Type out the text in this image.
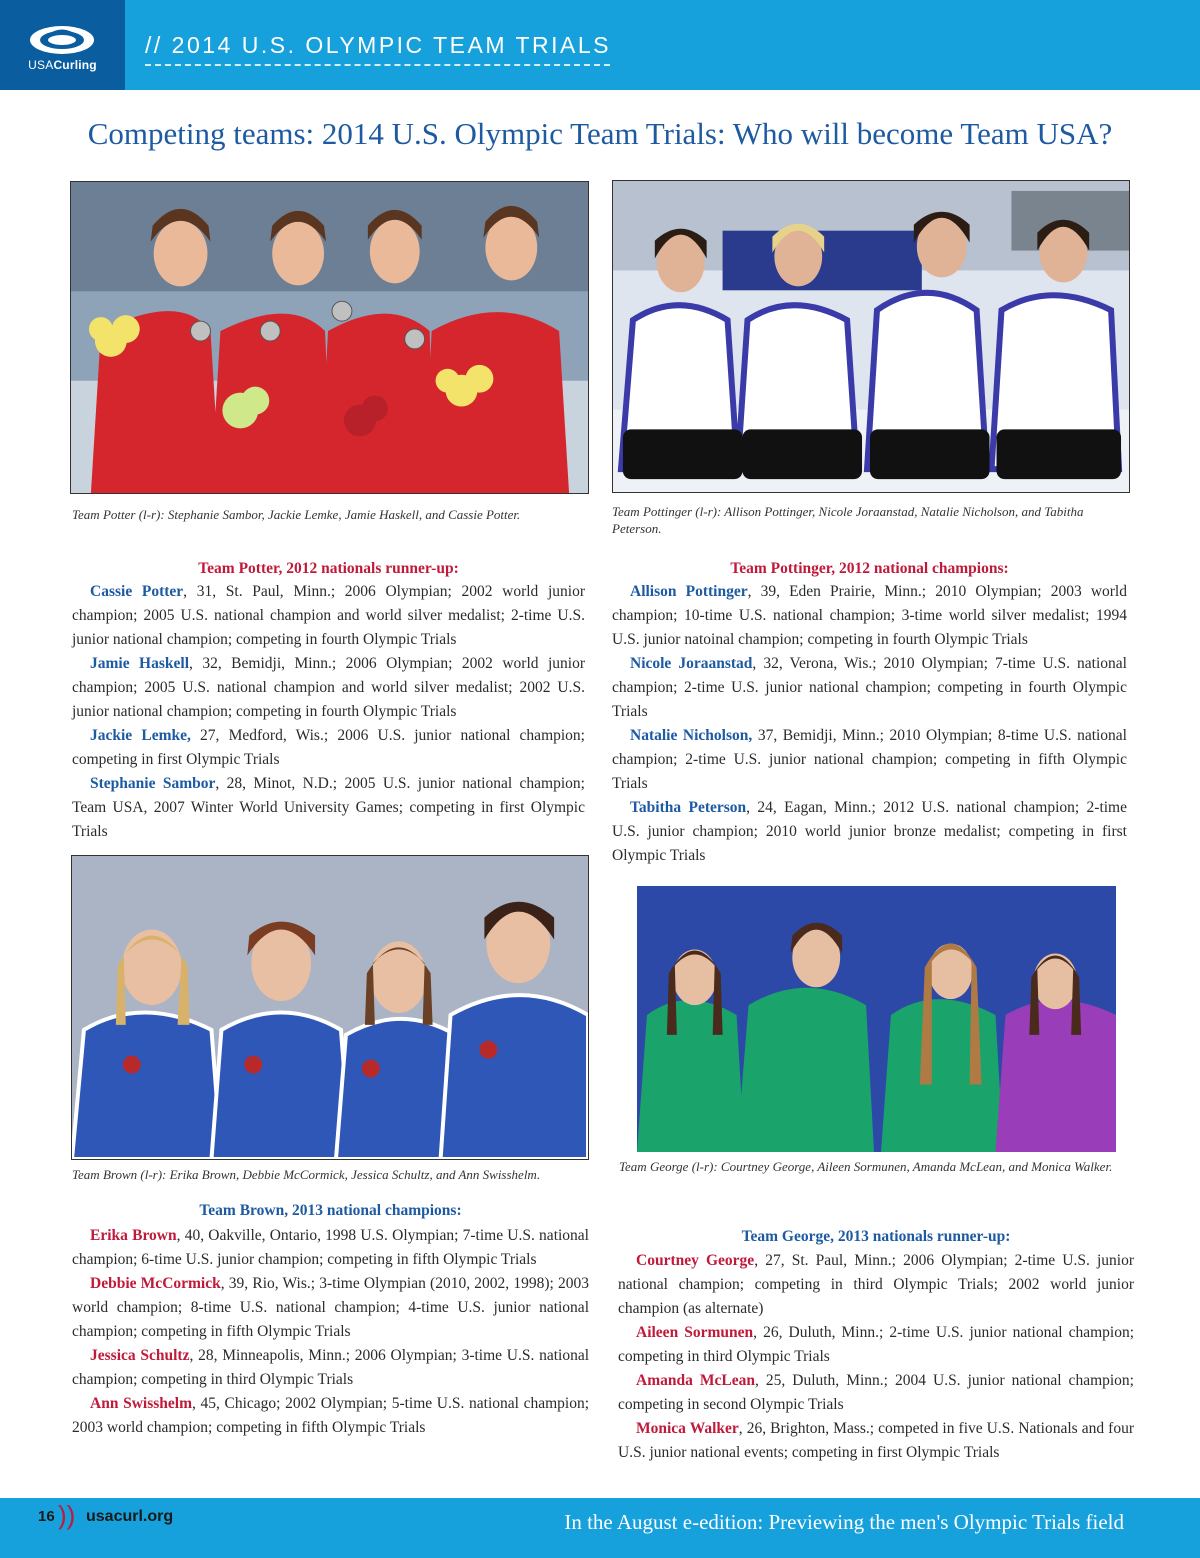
USACurling
// 2014 U.S. OLYMPIC TEAM TRIALS
Competing teams: 2014 U.S. Olympic Team Trials: Who will become Team USA?
Team Potter (l-r): Stephanie Sambor, Jackie Lemke, Jamie Haskell, and Cassie Potter.	Team Pottinger (l-r): Allison Pottinger, Nicole Joraanstad, Natalie Nicholson, and Tabitha Peterson.
Team Potter, 2012 nationals runner-up:

Cassie Potter, 31, St. Paul, Minn.; 2006 Olympian; 2002 world junior champion; 2005 U.S. national champion and world silver medalist; 2-time U.S. junior national champion; competing in fourth Olympic Trials

Jamie Haskell, 32, Bemidji, Minn.; 2006 Olympian; 2002 world junior champion; 2005 U.S. national champion and world silver medalist; 2002 U.S. junior national champion; competing in fourth Olympic Trials

Jackie Lemke, 27, Medford, Wis.; 2006 U.S. junior national champion; competing in first Olympic Trials

Stephanie Sambor, 28, Minot, N.D.; 2005 U.S. junior national champion; Team USA, 2007 Winter World University Games; competing in first Olympic Trials

Team Pottinger, 2012 national champions:

Allison Pottinger, 39, Eden Prairie, Minn.; 2010 Olympian; 2003 world champion; 10-time U.S. national champion; 3-time world silver medalist; 1994 U.S. junior natoinal champion; competing in fourth Olympic Trials

Nicole Joraanstad, 32, Verona, Wis.; 2010 Olympian; 7-time U.S. national champion; 2-time U.S. junior national champion; competing in fourth Olympic Trials

Natalie Nicholson, 37, Bemidji, Minn.; 2010 Olympian; 8-time U.S. national champion; 2-time U.S. junior national champion; competing in fifth Olympic Trials

Tabitha Peterson, 24, Eagan, Minn.; 2012 U.S. national champion; 2-time U.S. junior champion; 2010 world junior bronze medalist; competing in first Olympic Trials

Team Brown (l-r): Erika Brown, Debbie McCormick, Jessica Schultz, and Ann Swisshelm.
Team Brown, 2013 national champions:

Erika Brown, 40, Oakville, Ontario, 1998 U.S. Olympian; 7-time U.S. national champion; 6-time U.S. junior champion; competing in fifth Olympic Trials

Debbie McCormick, 39, Rio, Wis.; 3-time Olympian (2010, 2002, 1998); 2003 world champion; 8-time U.S. national champion; 4-time U.S. junior national champion; competing in fifth Olympic Trials

Jessica Schultz, 28, Minneapolis, Minn.; 2006 Olympian; 3-time U.S. national champion; competing in third Olympic Trials

Ann Swisshelm, 45, Chicago; 2002 Olympian; 5-time U.S. national champion; 2003 world champion; competing in fifth Olympic Trials

Team George (l-r): Courtney George, Aileen Sormunen, Amanda McLean, and Monica Walker.
Team George, 2013 nationals runner-up:

Courtney George, 27, St. Paul, Minn.; 2006 Olympian; 2-time U.S. junior national champion; competing in third Olympic Trials; 2002 world junior champion (as alternate)

Aileen Sormunen, 26, Duluth, Minn.; 2-time U.S. junior national champion; competing in third Olympic Trials

Amanda McLean, 25, Duluth, Minn.; 2004 U.S. junior national champion; competing in second Olympic Trials

Monica Walker, 26, Brighton, Mass.; competed in five U.S. Nationals and four U.S. junior national events; competing in first Olympic Trials

16 )) usacurl.org	In the August e-edition: Previewing the men's Olympic Trials field
